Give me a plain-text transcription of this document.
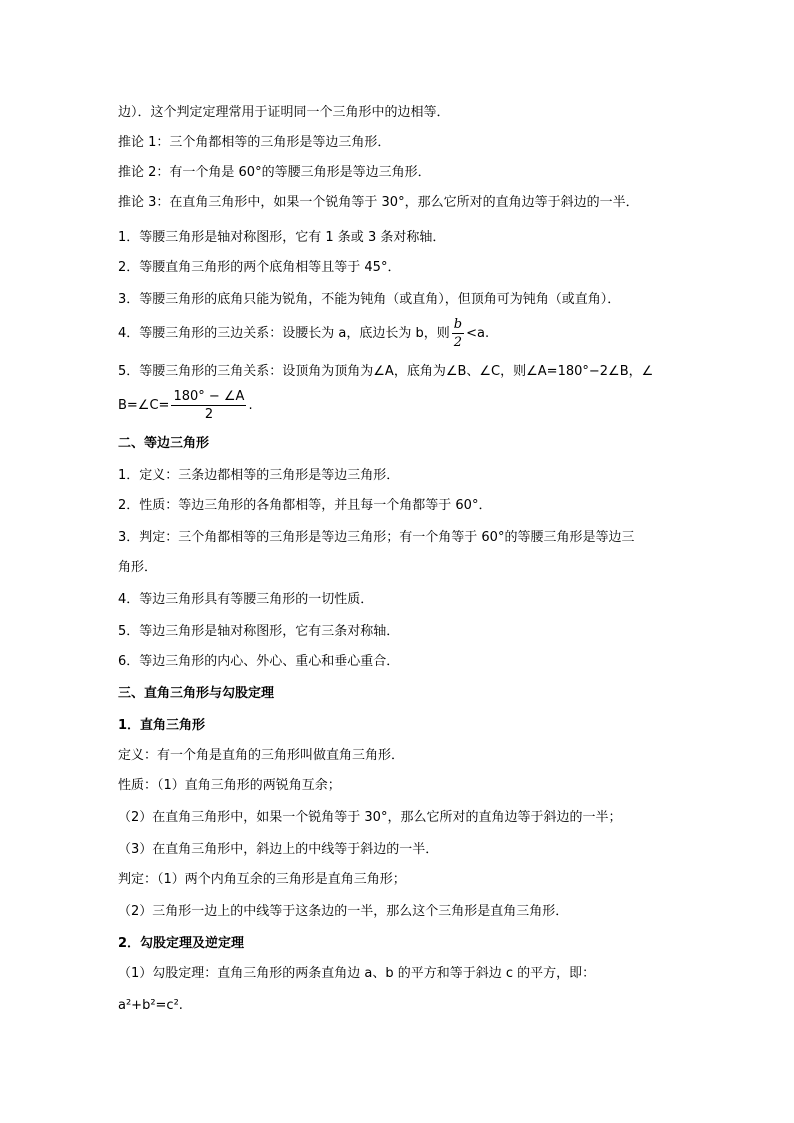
边）．这个判定定理常用于证明同一个三角形中的边相等．
推论 1：三个角都相等的三角形是等边三角形．
推论 2：有一个角是 60°的等腰三角形是等边三角形．
推论 3：在直角三角形中，如果一个锐角等于 30°，那么它所对的直角边等于斜边的一半．
1．等腰三角形是轴对称图形，它有 1 条或 3 条对称轴．
2．等腰直角三角形的两个底角相等且等于 45°．
3．等腰三角形的底角只能为锐角，不能为钝角（或直角），但顶角可为钝角（或直角）．
4．等腰三角形的三边关系：设腰长为 a，底边长为 b，则 $\frac{b}{2} <a$.
5．等腰三角形的三角关系：设顶角为顶角为∠A，底角为∠B、∠C，则∠A=180°−2∠B，∠
B=∠C= $\frac{180^\circ - \angle A}{2}$ .
二、等边三角形
1．定义：三条边都相等的三角形是等边三角形．
2．性质：等边三角形的各角都相等，并且每一个角都等于 60°．
3．判定：三个角都相等的三角形是等边三角形；有一个角等于 60°的等腰三角形是等边三
角形．
4．等边三角形具有等腰三角形的一切性质．
5．等边三角形是轴对称图形，它有三条对称轴．
6．等边三角形的内心、外心、重心和垂心重合．
三、直角三角形与勾股定理
1．直角三角形
定义：有一个角是直角的三角形叫做直角三角形．
性质：（1）直角三角形的两锐角互余；
（2）在直角三角形中，如果一个锐角等于 30°，那么它所对的直角边等于斜边的一半；
（3）在直角三角形中，斜边上的中线等于斜边的一半．
判定：（1）两个内角互余的三角形是直角三角形；
（2）三角形一边上的中线等于这条边的一半，那么这个三角形是直角三角形．
2．勾股定理及逆定理
（1）勾股定理：直角三角形的两条直角边 a、b 的平方和等于斜边 c 的平方，即：
a²+b²=c².
